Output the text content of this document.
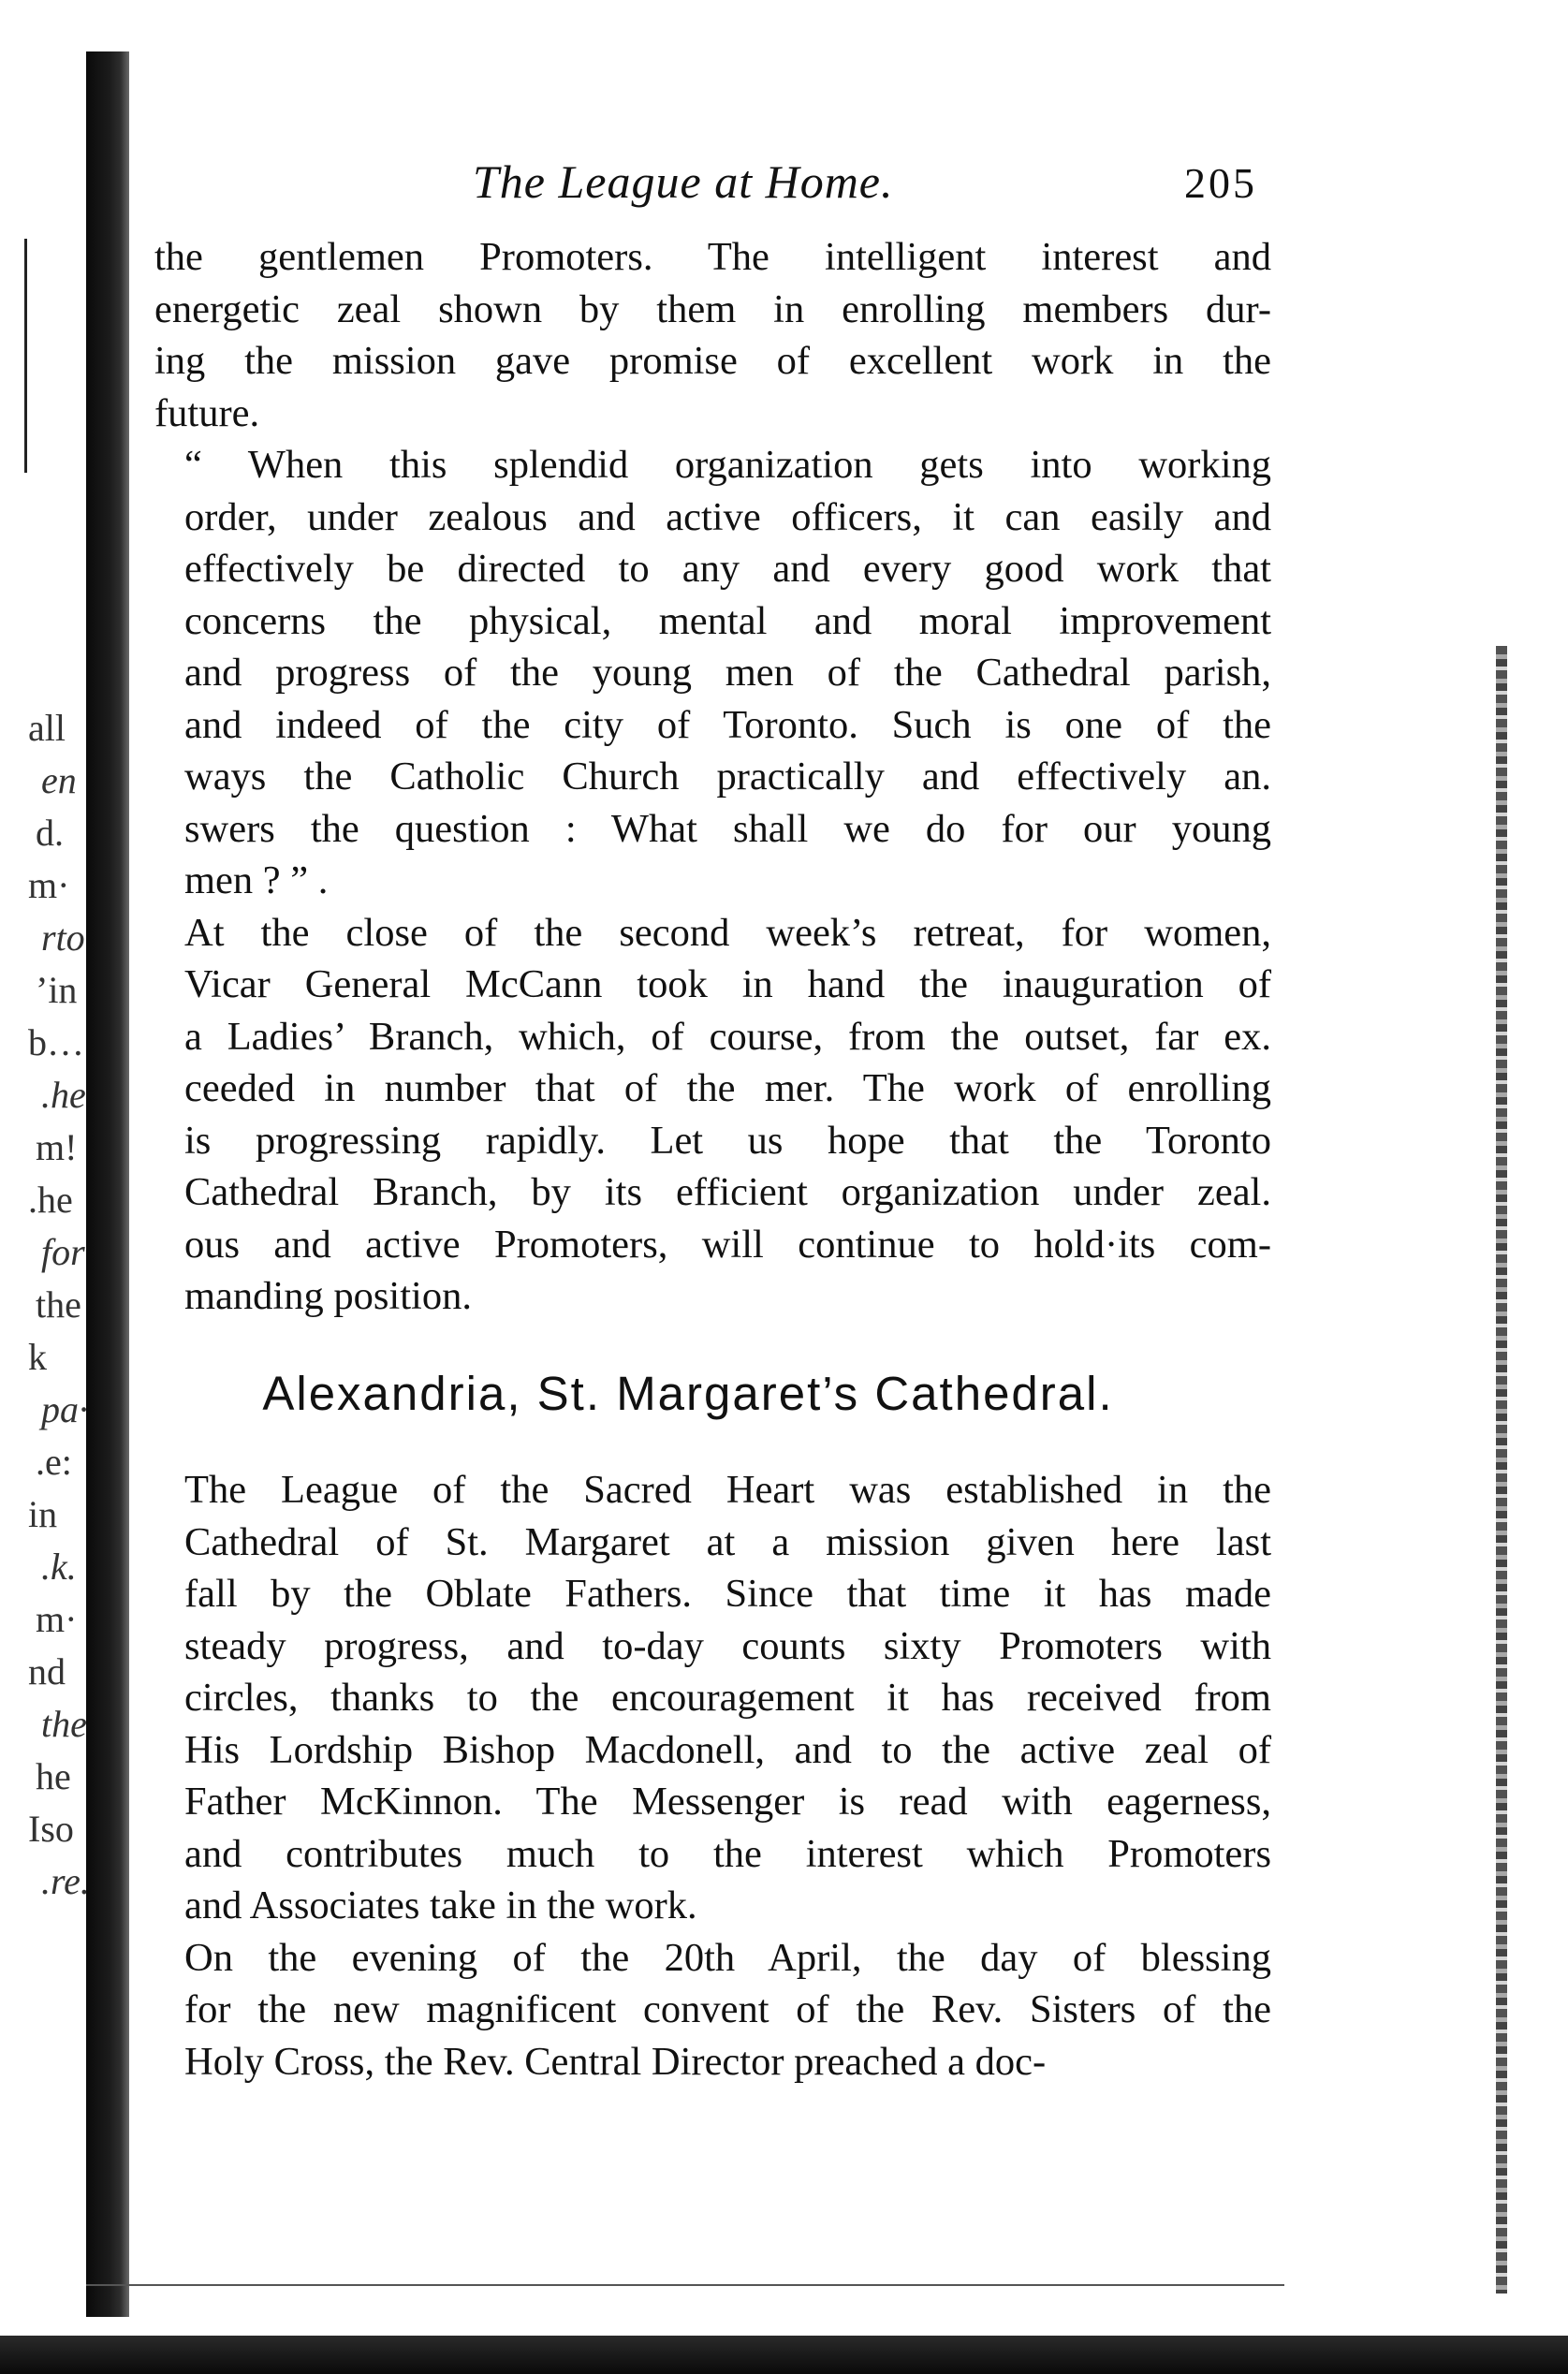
all
en
d.
m·
rto
’in
b…
.he
m!
.he
for
the
k
pa·
.e:
in
.k.
m·
nd
the
he
Iso
.re.
The League at Home.	205

the gentlemen Promoters. The intelligent interest and
energetic zeal shown by them in enrolling members dur-
ing the mission gave promise of excellent work in the
future.

“ When this splendid organization gets into working
order, under zealous and active officers, it can easily and
effectively be directed to any and every good work that
concerns the physical, mental and moral improvement
and progress of the young men of the Cathedral parish,
and indeed of the city of Toronto. Such is one of the
ways the Catholic Church practically and effectively an.
swers the question : What shall we do for our young
men ? ” .

At the close of the second week’s retreat, for women,
Vicar General McCann took in hand the inauguration of
a Ladies’ Branch, which, of course, from the outset, far ex.
ceeded in number that of the mer. The work of enrolling
is progressing rapidly. Let us hope that the Toronto
Cathedral Branch, by its efficient organization under zeal.
ous and active Promoters, will continue to hold·its com-
manding position.

Alexandria, St. Margaret’s Cathedral.

The League of the Sacred Heart was established in the
Cathedral of St. Margaret at a mission given here last
fall by the Oblate Fathers. Since that time it has made
steady progress, and to-day counts sixty Promoters with
circles, thanks to the encouragement it has received from
His Lordship Bishop Macdonell, and to the active zeal of
Father McKinnon. The Messenger is read with eagerness,
and contributes much to the interest which Promoters
and Associates take in the work.

On the evening of the 20th April, the day of blessing
for the new magnificent convent of the Rev. Sisters of the
Holy Cross, the Rev. Central Director preached a doc-
